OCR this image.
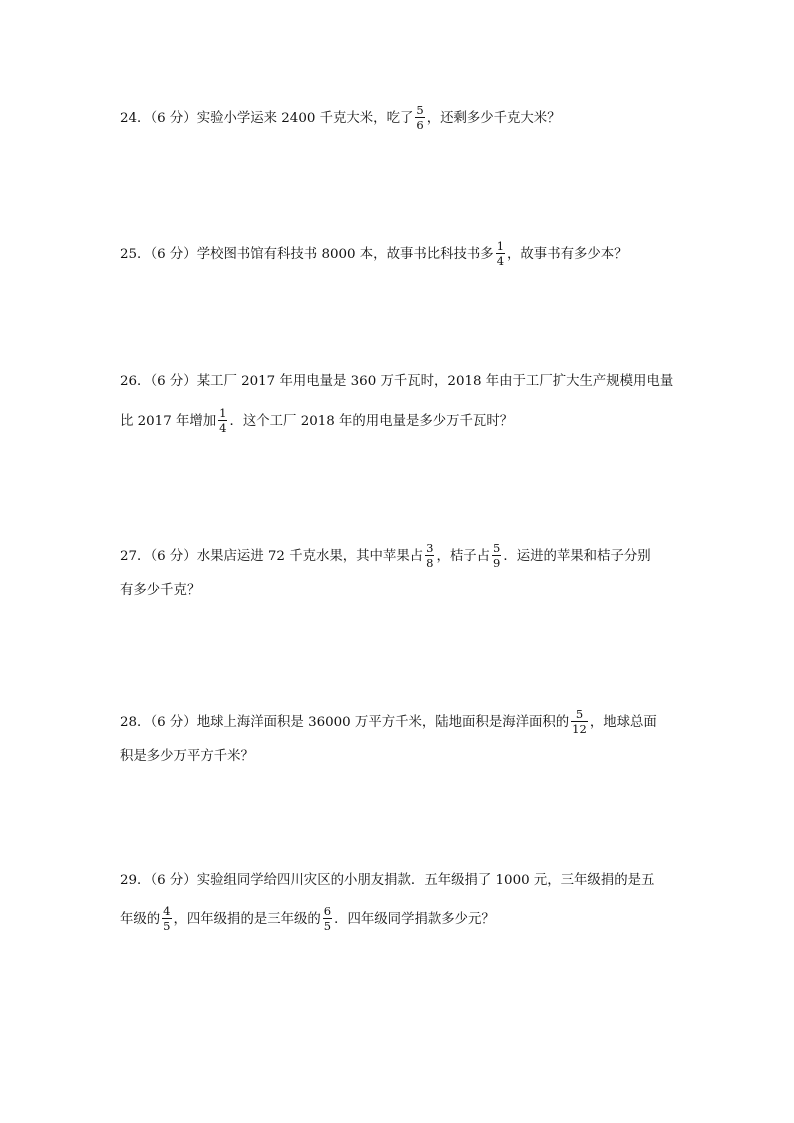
24．（6 分）实验小学运来 2400 千克大米，吃了 $\frac{5}{6}$ ，还剩多少千克大米？
25．（6 分）学校图书馆有科技书 8000 本，故事书比科技书多 $\frac{1}{4}$ ，故事书有多少本？
26．（6 分）某工厂 2017 年用电量是 360 万千瓦时，2018 年由于工厂扩大生产规模用电量
比 2017 年增加 $\frac{1}{4}$ ．这个工厂 2018 年的用电量是多少万千瓦时？
27．（6 分）水果店运进 72 千克水果，其中苹果占 $\frac{3}{8}$ ，桔子占 $\frac{5}{9}$ ．运进的苹果和桔子分别
有多少千克？
28．（6 分）地球上海洋面积是 36000 万平方千米，陆地面积是海洋面积的 $\frac{5}{12}$ ，地球总面
积是多少万平方千米？
29．（6 分）实验组同学给四川灾区的小朋友捐款．五年级捐了 1000 元，三年级捐的是五
年级的 $\frac{4}{5}$ ，四年级捐的是三年级的 $\frac{6}{5}$ ．四年级同学捐款多少元？
